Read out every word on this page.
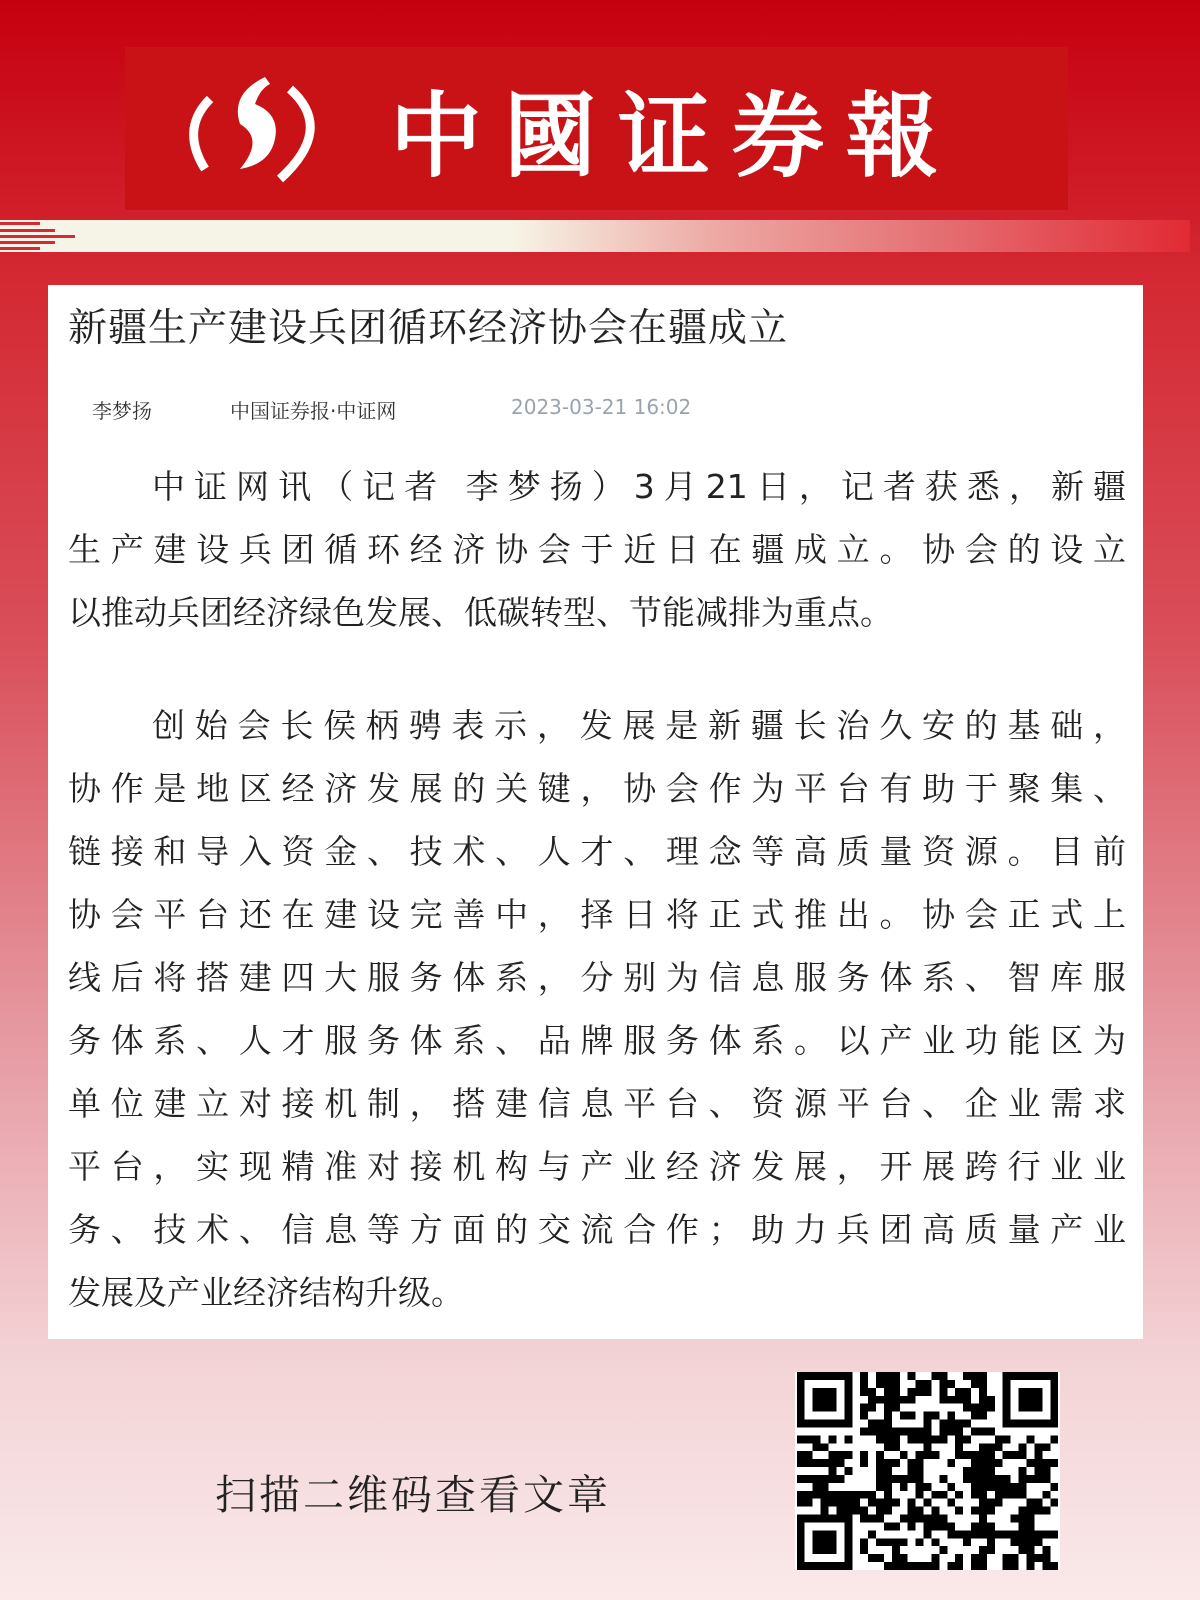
中國证券報
新疆生产建设兵团循环经济协会在疆成立
李梦扬	中国证券报·中证网	2023-03-21 16:02
中证网讯（记者 李梦扬）3月21日，记者获悉，新疆
生产建设兵团循环经济协会于近日在疆成立。协会的设立
以推动兵团经济绿色发展、低碳转型、节能减排为重点。
创始会长侯柄骋表示，发展是新疆长治久安的基础，
协作是地区经济发展的关键，协会作为平台有助于聚集、
链接和导入资金、技术、人才、理念等高质量资源。目前
协会平台还在建设完善中，择日将正式推出。协会正式上
线后将搭建四大服务体系，分别为信息服务体系、智库服
务体系、人才服务体系、品牌服务体系。以产业功能区为
单位建立对接机制，搭建信息平台、资源平台、企业需求
平台，实现精准对接机构与产业经济发展，开展跨行业业
务、技术、信息等方面的交流合作；助力兵团高质量产业
发展及产业经济结构升级。
扫描二维码查看文章
